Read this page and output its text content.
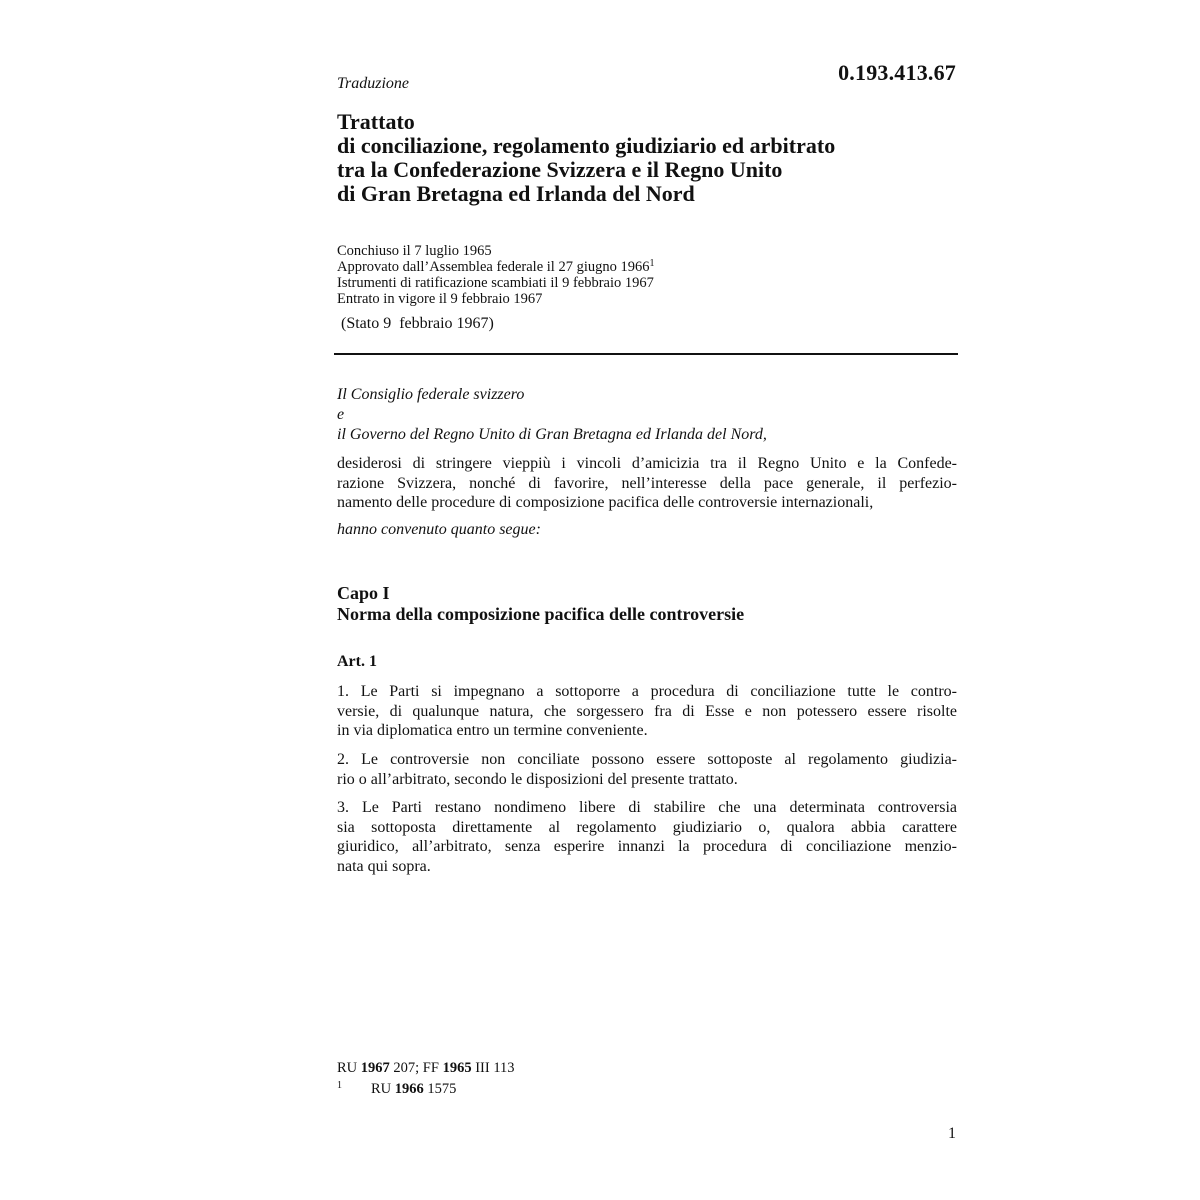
Traduzione	0.193.413.67
Trattato
di conciliazione, regolamento giudiziario ed arbitrato
tra la Confederazione Svizzera e il Regno Unito
di Gran Bretagna ed Irlanda del Nord
Conchiuso il 7 luglio 1965
Approvato dall’Assemblea federale il 27 giugno 1966$^1$
Istrumenti di ratificazione scambiati il 9 febbraio 1967
Entrato in vigore il 9 febbraio 1967
(Stato 9  febbraio 1967)
Il Consiglio federale svizzero
e
il Governo del Regno Unito di Gran Bretagna ed Irlanda del Nord,
desiderosi di stringere vieppiù i vincoli d’amicizia tra il Regno Unito e la Confede-
razione Svizzera, nonché di favorire, nell’interesse della pace generale, il perfezio-
namento delle procedure di composizione pacifica delle controversie internazionali,
hanno convenuto quanto segue:
Capo I
Norma della composizione pacifica delle controversie
Art. 1
1. Le Parti si impegnano a sottoporre a procedura di conciliazione tutte le contro-
versie, di qualunque natura, che sorgessero fra di Esse e non potessero essere risolte
in via diplomatica entro un termine conveniente.
2. Le controversie non conciliate possono essere sottoposte al regolamento giudizia-
rio o all’arbitrato, secondo le disposizioni del presente trattato.
3. Le Parti restano nondimeno libere di stabilire che una determinata controversia
sia sottoposta direttamente al regolamento giudiziario o, qualora abbia carattere
giuridico, all’arbitrato, senza esperire innanzi la procedura di conciliazione menzio-
nata qui sopra.
RU 1967 207; FF 1965 III 113
1 RU 1966 1575
1
